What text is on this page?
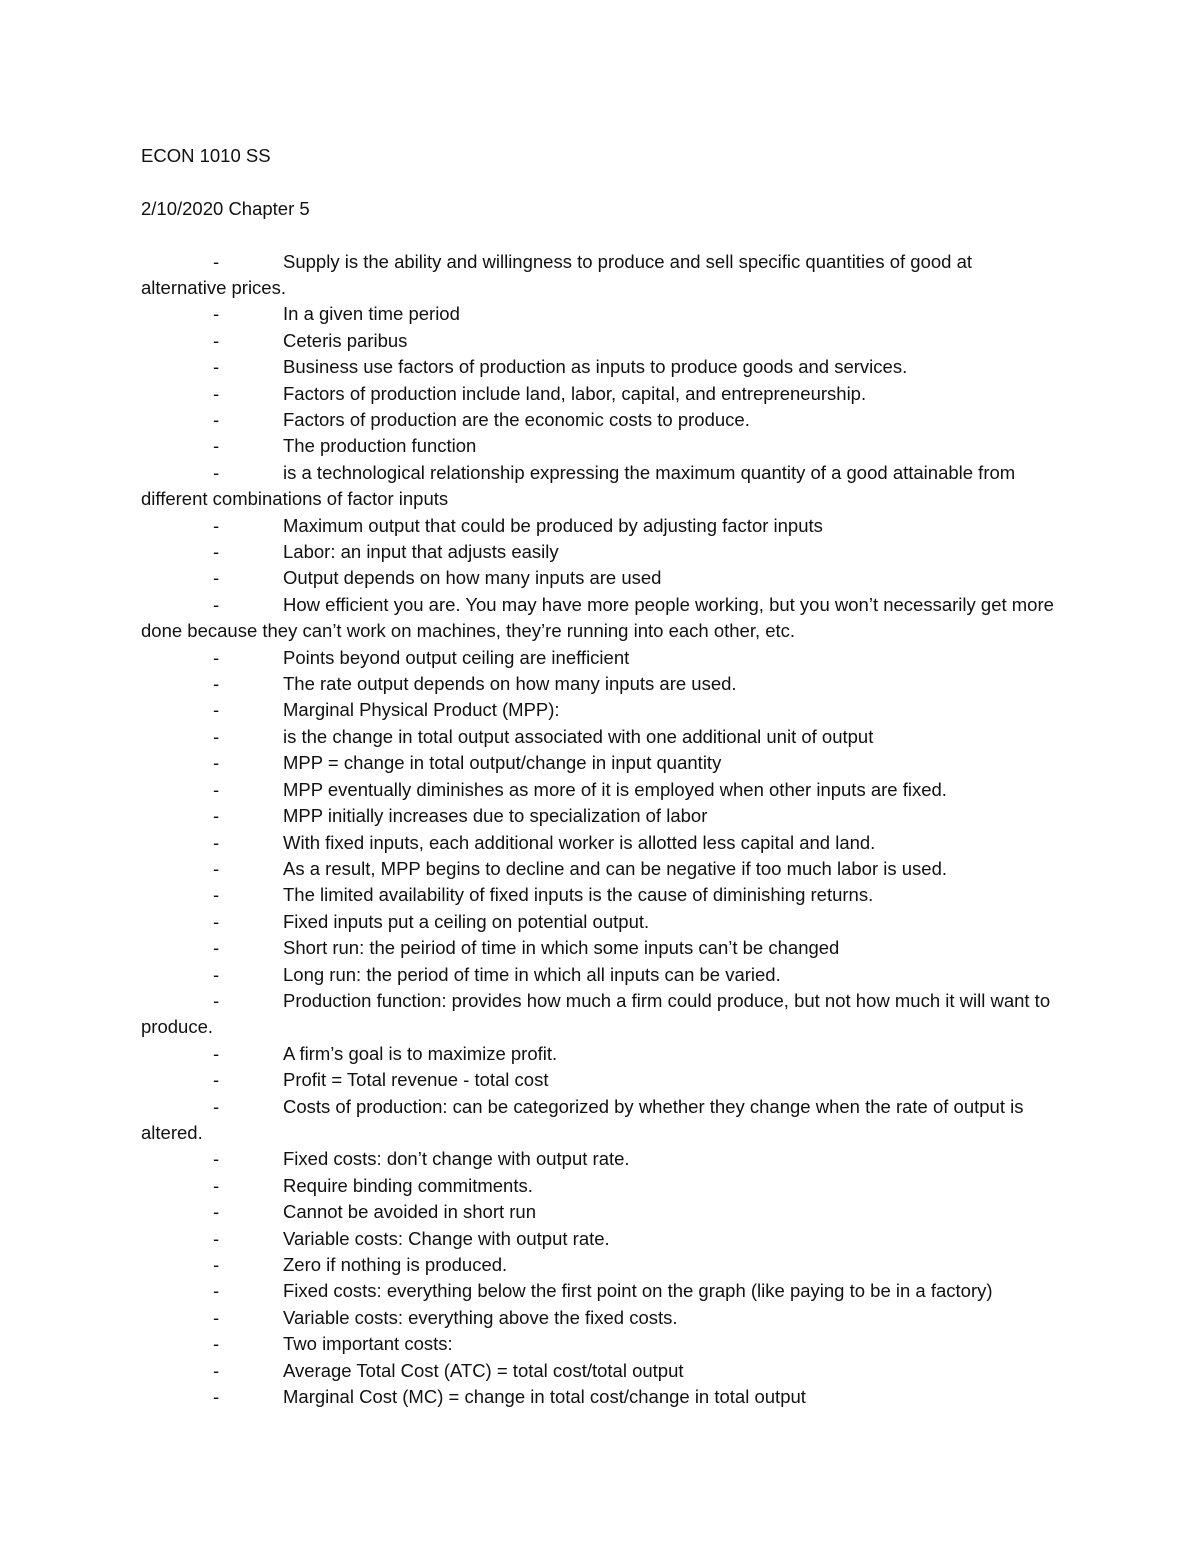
ECON 1010 SS

2/10/2020 Chapter 5

-	Supply is the ability and willingness to produce and sell specific quantities of good at alternative prices.
-	In a given time period
-	Ceteris paribus
-	Business use factors of production as inputs to produce goods and services.
-	Factors of production include land, labor, capital, and entrepreneurship.
-	Factors of production are the economic costs to produce.
-	The production function
-	is a technological relationship expressing the maximum quantity of a good attainable from different combinations of factor inputs
-	Maximum output that could be produced by adjusting factor inputs
-	Labor: an input that adjusts easily
-	Output depends on how many inputs are used
-	How efficient you are. You may have more people working, but you won’t necessarily get more done because they can’t work on machines, they’re running into each other, etc.
-	Points beyond output ceiling are inefficient
-	The rate output depends on how many inputs are used.
-	Marginal Physical Product (MPP):
-	is the change in total output associated with one additional unit of output
-	MPP = change in total output/change in input quantity
-	MPP eventually diminishes as more of it is employed when other inputs are fixed.
-	MPP initially increases due to specialization of labor
-	With fixed inputs, each additional worker is allotted less capital and land.
-	As a result, MPP begins to decline and can be negative if too much labor is used.
-	The limited availability of fixed inputs is the cause of diminishing returns.
-	Fixed inputs put a ceiling on potential output.
-	Short run: the peiriod of time in which some inputs can’t be changed
-	Long run: the period of time in which all inputs can be varied.
-	Production function: provides how much a firm could produce, but not how much it will want to produce.
-	A firm’s goal is to maximize profit.
-	Profit = Total revenue - total cost
-	Costs of production: can be categorized by whether they change when the rate of output is altered.
-	Fixed costs: don’t change with output rate.
-	Require binding commitments.
-	Cannot be avoided in short run
-	Variable costs: Change with output rate.
-	Zero if nothing is produced.
-	Fixed costs: everything below the first point on the graph (like paying to be in a factory)
-	Variable costs: everything above the fixed costs.
-	Two important costs:
-	Average Total Cost (ATC) = total cost/total output
-	Marginal Cost (MC) = change in total cost/change in total output
